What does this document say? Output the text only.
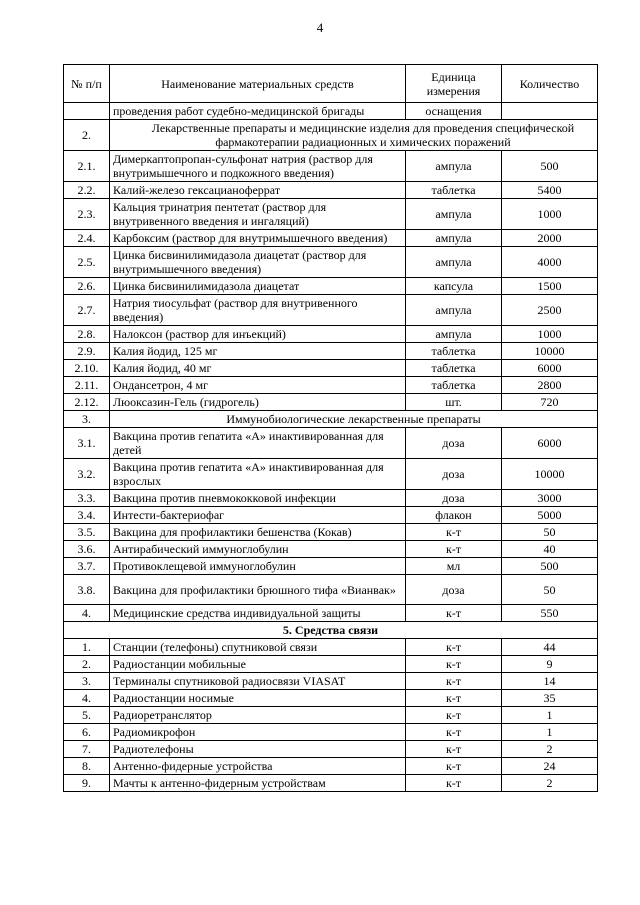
4
№ п/п	Наименование материальных средств	Единица измерения	Количество
	проведения работ судебно-медицинской бригады	оснащения	
2.	Лекарственные препараты и медицинские изделия для проведения специфической фармакотерапии радиационных и химических поражений		
2.1.	Димеркаптопропан-сульфонат натрия (раствор для внутримышечного и подкожного введения)	ампула	500
2.2.	Калий-железо гексацианоферрат	таблетка	5400
2.3.	Кальция тринатрия пентетат (раствор для внутривенного введения и ингаляций)	ампула	1000
2.4.	Карбоксим (раствор для внутримышечного введения)	ампула	2000
2.5.	Цинка бисвинилимидазола диацетат (раствор для внутримышечного введения)	ампула	4000
2.6.	Цинка бисвинилимидазола диацетат	капсула	1500
2.7.	Натрия тиосульфат (раствор для внутривенного введения)	ампула	2500
2.8.	Налоксон (раствор для инъекций)	ампула	1000
2.9.	Калия йодид, 125 мг	таблетка	10000
2.10.	Калия йодид, 40 мг	таблетка	6000
2.11.	Ондансетрон, 4 мг	таблетка	2800
2.12.	Люоксазин-Гель (гидрогель)	шт.	720
3.	Иммунобиологические лекарственные препараты		
3.1.	Вакцина против гепатита «А» инактивированная для детей	доза	6000
3.2.	Вакцина против гепатита «А» инактивированная для взрослых	доза	10000
3.3.	Вакцина против пневмококковой инфекции	доза	3000
3.4.	Интести-бактериофаг	флакон	5000
3.5.	Вакцина для профилактики бешенства (Кокав)	к-т	50
3.6.	Антирабический иммуноглобулин	к-т	40
3.7.	Противоклещевой иммуноглобулин	мл	500
3.8.	Вакцина для профилактики брюшного тифа «Вианвак»	доза	50
4.	Медицинские средства индивидуальной защиты	к-т	550
5. Средства связи			
1.	Станции (телефоны) спутниковой связи	к-т	44
2.	Радиостанции мобильные	к-т	9
3.	Терминалы спутниковой радиосвязи VIASAT	к-т	14
4.	Радиостанции носимые	к-т	35
5.	Радиоретранслятор	к-т	1
6.	Радиомикрофон	к-т	1
7.	Радиотелефоны	к-т	2
8.	Антенно-фидерные устройства	к-т	24
9.	Мачты к антенно-фидерным устройствам	к-т	2
